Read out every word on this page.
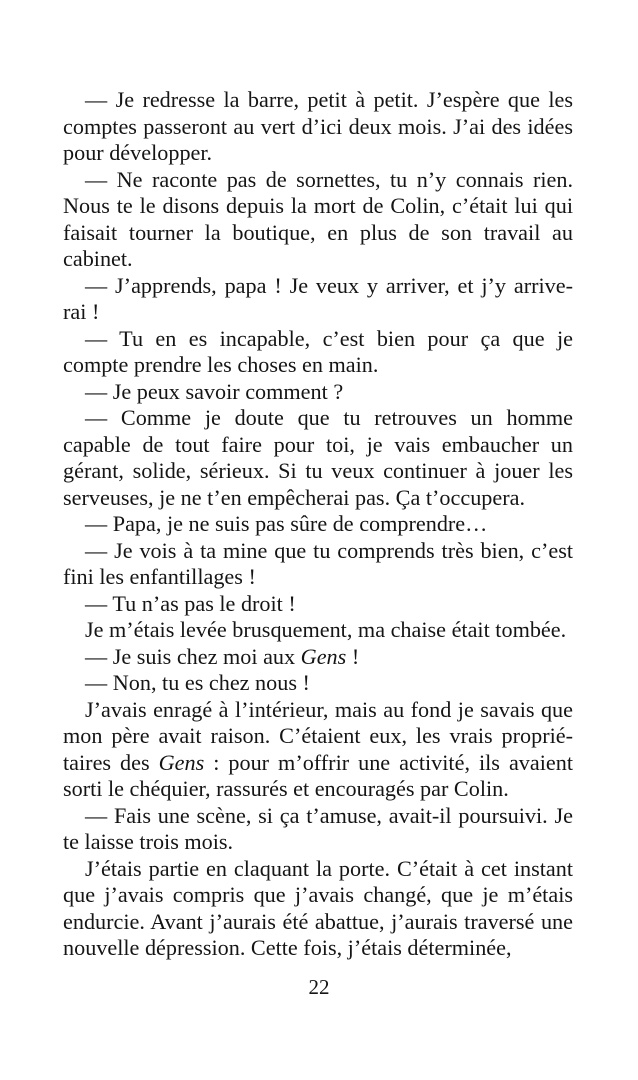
— Je redresse la barre, petit à petit. J’espère que les comptes passeront au vert d’ici deux mois. J’ai des idées pour développer.

— Ne raconte pas de sornettes, tu n’y connais rien. Nous te le disons depuis la mort de Colin, c’était lui qui faisait tourner la boutique, en plus de son travail au cabinet.

— J’apprends, papa ! Je veux y arriver, et j’y arrive-rai !

— Tu en es incapable, c’est bien pour ça que je compte prendre les choses en main.

— Je peux savoir comment ?

— Comme je doute que tu retrouves un homme capable de tout faire pour toi, je vais embaucher un gérant, solide, sérieux. Si tu veux continuer à jouer les serveuses, je ne t’en empêcherai pas. Ça t’occupera.

— Papa, je ne suis pas sûre de comprendre…

— Je vois à ta mine que tu comprends très bien, c’est fini les enfantillages !

— Tu n’as pas le droit !

Je m’étais levée brusquement, ma chaise était tombée.

— Je suis chez moi aux Gens !

— Non, tu es chez nous !

J’avais enragé à l’intérieur, mais au fond je savais que mon père avait raison. C’étaient eux, les vrais proprié-taires des Gens : pour m’offrir une activité, ils avaient sorti le chéquier, rassurés et encouragés par Colin.

— Fais une scène, si ça t’amuse, avait-il poursuivi. Je te laisse trois mois.

J’étais partie en claquant la porte. C’était à cet instant que j’avais compris que j’avais changé, que je m’étais endurcie. Avant j’aurais été abattue, j’aurais traversé une nouvelle dépression. Cette fois, j’étais déterminée,

22
